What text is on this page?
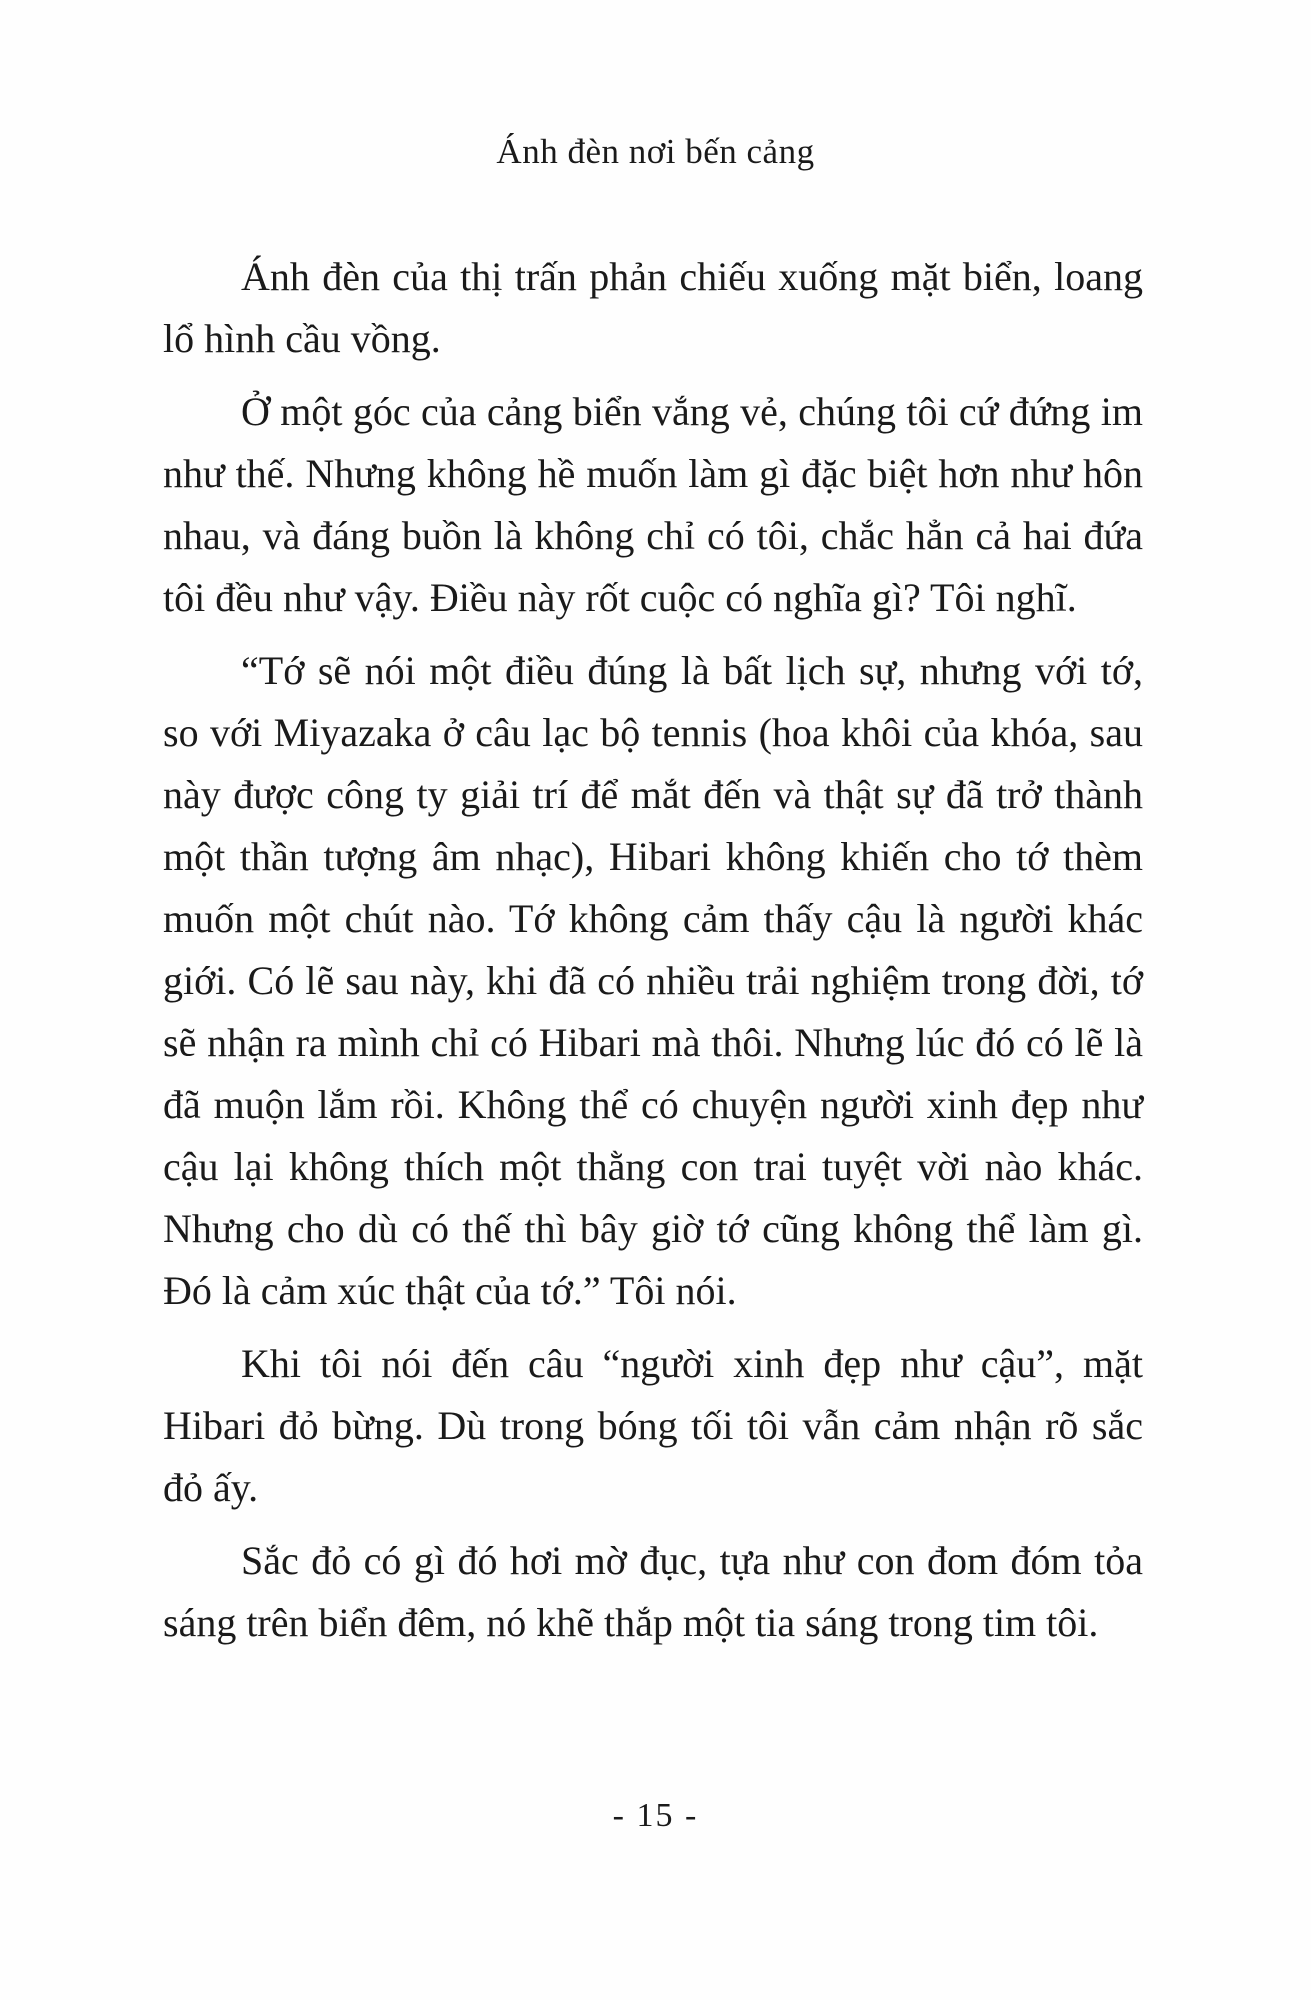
Ánh đèn nơi bến cảng

Ánh đèn của thị trấn phản chiếu xuống mặt biển, loang lổ hình cầu vồng.

Ở một góc của cảng biển vắng vẻ, chúng tôi cứ đứng im như thế. Nhưng không hề muốn làm gì đặc biệt hơn như hôn nhau, và đáng buồn là không chỉ có tôi, chắc hẳn cả hai đứa tôi đều như vậy. Điều này rốt cuộc có nghĩa gì? Tôi nghĩ.

“Tớ sẽ nói một điều đúng là bất lịch sự, nhưng với tớ, so với Miyazaka ở câu lạc bộ tennis (hoa khôi của khóa, sau này được công ty giải trí để mắt đến và thật sự đã trở thành một thần tượng âm nhạc), Hibari không khiến cho tớ thèm muốn một chút nào. Tớ không cảm thấy cậu là người khác giới. Có lẽ sau này, khi đã có nhiều trải nghiệm trong đời, tớ sẽ nhận ra mình chỉ có Hibari mà thôi. Nhưng lúc đó có lẽ là đã muộn lắm rồi. Không thể có chuyện người xinh đẹp như cậu lại không thích một thằng con trai tuyệt vời nào khác. Nhưng cho dù có thế thì bây giờ tớ cũng không thể làm gì. Đó là cảm xúc thật của tớ.” Tôi nói.

Khi tôi nói đến câu “người xinh đẹp như cậu”, mặt Hibari đỏ bừng. Dù trong bóng tối tôi vẫn cảm nhận rõ sắc đỏ ấy.

Sắc đỏ có gì đó hơi mờ đục, tựa như con đom đóm tỏa sáng trên biển đêm, nó khẽ thắp một tia sáng trong tim tôi.

- 15 -
